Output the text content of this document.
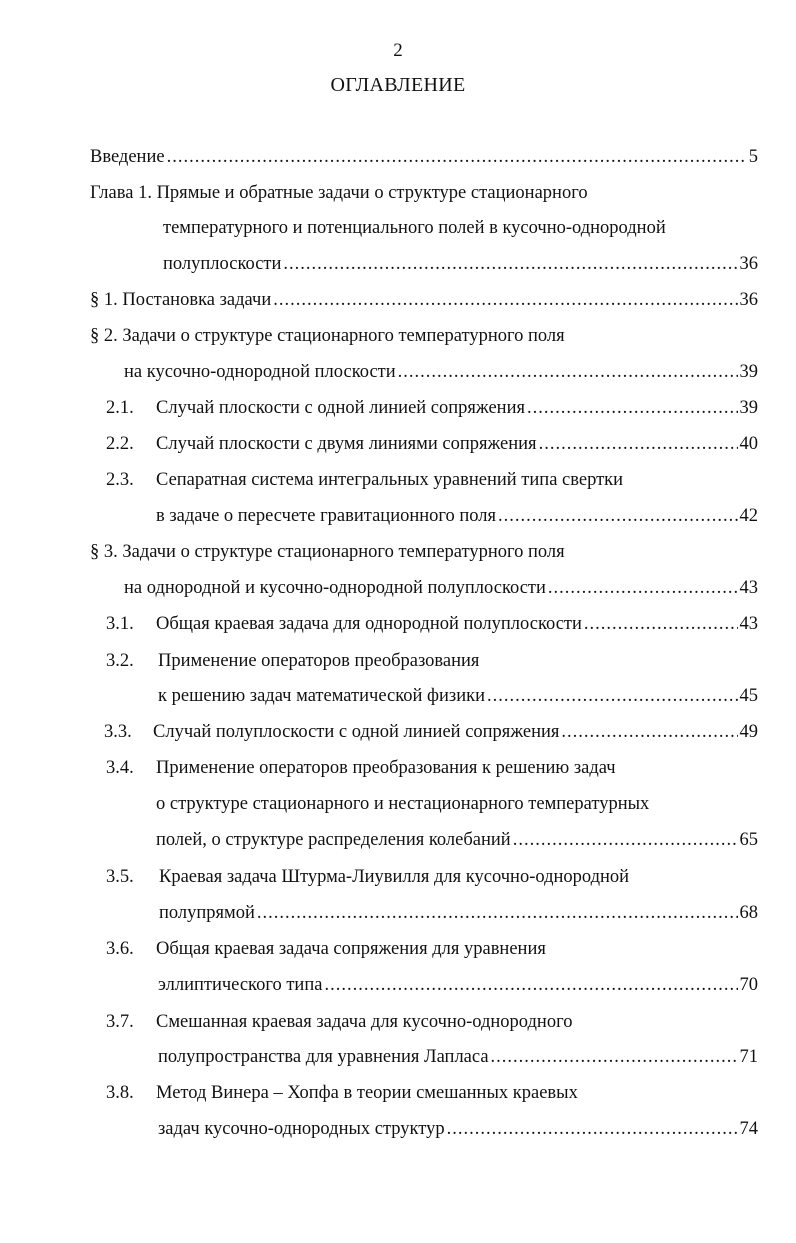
2
ОГЛАВЛЕНИЕ
Введение .....	5
Глава 1. Прямые и обратные задачи о структуре стационарного
температурного и потенциального полей в кусочно-однородной
полуплоскости .....	36
§ 1. Постановка задачи .....	36
§ 2. Задачи о структуре стационарного температурного поля
на кусочно-однородной плоскости .....	39
2.1.	Случай плоскости с одной линией сопряжения .....	39
2.2.	Случай плоскости с двумя линиями сопряжения .....	40
2.3.	Сепаратная система интегральных уравнений типа свертки
в задаче о пересчете гравитационного поля .....	42
§ 3. Задачи о структуре стационарного температурного поля
на однородной и кусочно-однородной полуплоскости .....	43
3.1.	Общая краевая задача для однородной полуплоскости .....	43
3.2.	Применение операторов преобразования
к решению задач математической физики .....	45
3.3.	Случай полуплоскости с одной линией сопряжения .....	49
3.4.	Применение операторов преобразования к решению задач
о структуре стационарного и нестационарного температурных
полей, о структуре распределения колебаний .....	65
3.5.	Краевая задача Штурма-Лиувилля для кусочно-однородной
полупрямой .....	68
3.6.	Общая краевая задача сопряжения для уравнения
эллиптического типа .....	70
3.7.	Смешанная краевая задача для кусочно-однородного
полупространства для уравнения Лапласа .....	71
3.8.	Метод Винера – Хопфа в теории смешанных краевых
задач кусочно-однородных структур .....	74
